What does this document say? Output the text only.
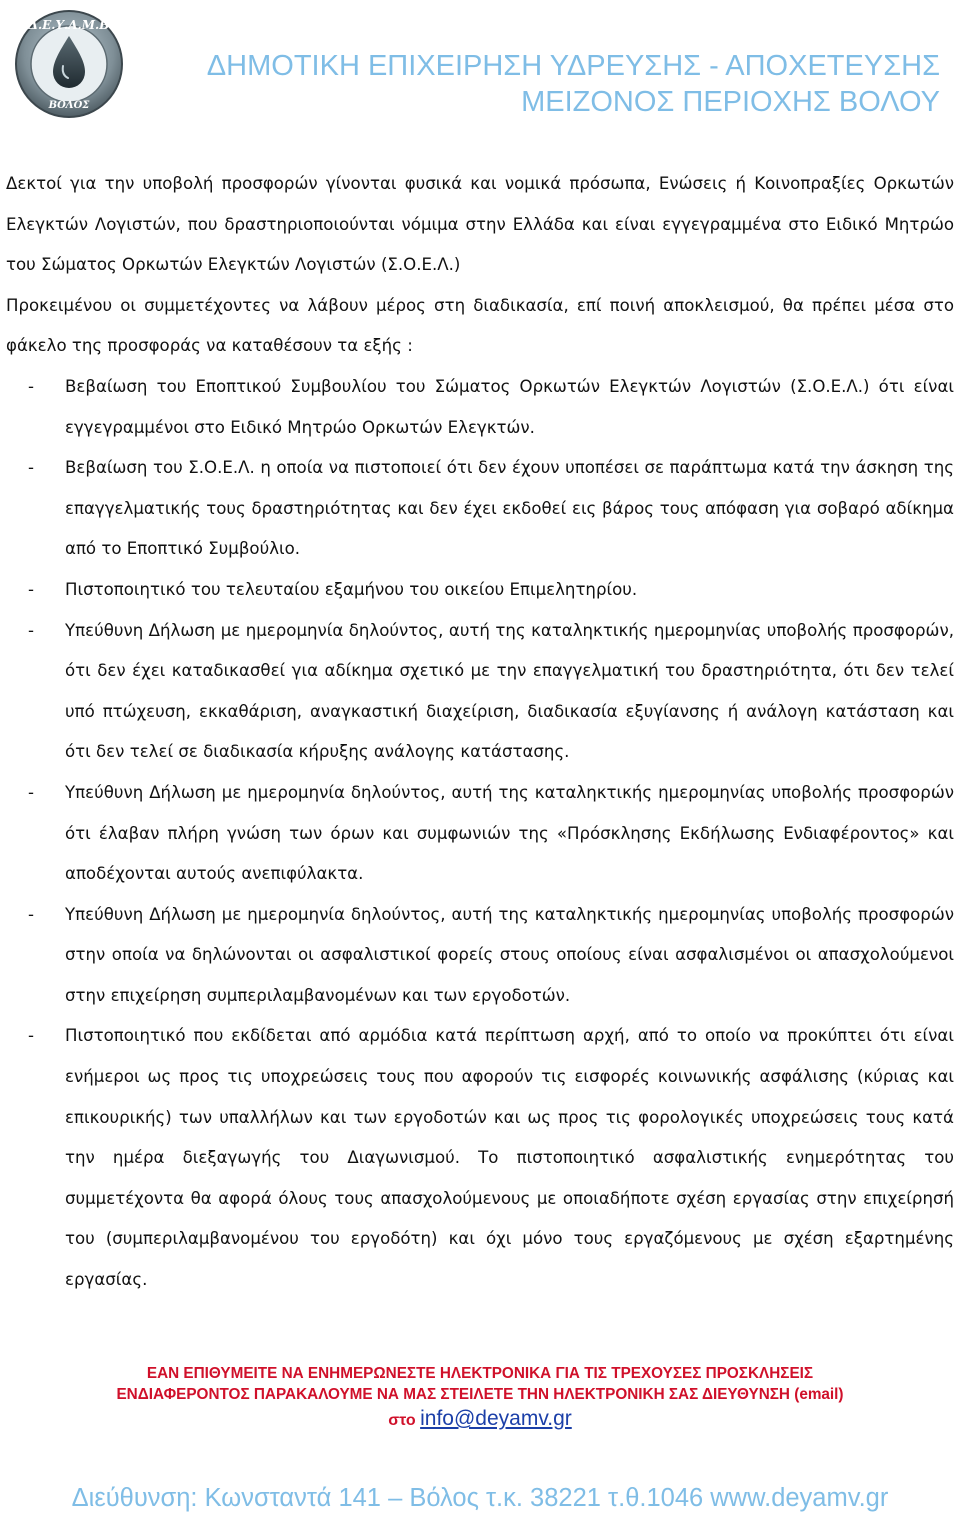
Δ.Ε.Υ.Α.Μ.Β
ΒΟΛΟΣ
ΔΗΜΟΤΙΚΗ ΕΠΙΧΕΙΡΗΣΗ ΥΔΡΕΥΣΗΣ - ΑΠΟΧΕΤΕΥΣΗΣ
ΜΕΙΖΟΝΟΣ ΠΕΡΙΟΧΗΣ ΒΟΛΟΥ

Δεκτοί για την υποβολή προσφορών γίνονται φυσικά και νομικά πρόσωπα, Ενώσεις ή Κοινοπραξίες Ορκωτών Ελεγκτών Λογιστών, που δραστηριοποιούνται νόμιμα στην Ελλάδα και είναι εγγεγραμμένα στο Ειδικό Μητρώο του Σώματος Ορκωτών Ελεγκτών Λογιστών (Σ.Ο.Ε.Λ.)

Προκειμένου οι συμμετέχοντες να λάβουν μέρος στη διαδικασία, επί ποινή αποκλεισμού, θα πρέπει μέσα στο φάκελο της προσφοράς να καταθέσουν τα εξής :

- Βεβαίωση του Εποπτικού Συμβουλίου του Σώματος Ορκωτών Ελεγκτών Λογιστών (Σ.Ο.Ε.Λ.) ότι είναι εγγεγραμμένοι στο Ειδικό Μητρώο Ορκωτών Ελεγκτών.
- Βεβαίωση του Σ.Ο.Ε.Λ. η οποία να πιστοποιεί ότι δεν έχουν υποπέσει σε παράπτωμα κατά την άσκηση της επαγγελματικής τους δραστηριότητας και δεν έχει εκδοθεί εις βάρος τους απόφαση για σοβαρό αδίκημα από το Εποπτικό Συμβούλιο.
- Πιστοποιητικό του τελευταίου εξαμήνου του οικείου Επιμελητηρίου.
- Υπεύθυνη Δήλωση με ημερομηνία δηλούντος, αυτή της καταληκτικής ημερομηνίας υποβολής προσφορών, ότι δεν έχει καταδικασθεί για αδίκημα σχετικό με την επαγγελματική του δραστηριότητα, ότι δεν τελεί υπό πτώχευση, εκκαθάριση, αναγκαστική διαχείριση, διαδικασία εξυγίανσης ή ανάλογη κατάσταση και ότι δεν τελεί σε διαδικασία κήρυξης ανάλογης κατάστασης.
- Υπεύθυνη Δήλωση με ημερομηνία δηλούντος, αυτή της καταληκτικής ημερομηνίας υποβολής προσφορών ότι έλαβαν πλήρη γνώση των όρων και συμφωνιών της «Πρόσκλησης Εκδήλωσης Ενδιαφέροντος» και αποδέχονται αυτούς ανεπιφύλακτα.
- Υπεύθυνη Δήλωση με ημερομηνία δηλούντος, αυτή της καταληκτικής ημερομηνίας υποβολής προσφορών στην οποία να δηλώνονται οι ασφαλιστικοί φορείς στους οποίους είναι ασφαλισμένοι οι απασχολούμενοι στην επιχείρηση συμπεριλαμβανομένων και των εργοδοτών.
- Πιστοποιητικό που εκδίδεται από αρμόδια κατά περίπτωση αρχή, από το οποίο να προκύπτει ότι είναι ενήμεροι ως προς τις υποχρεώσεις τους που αφορούν τις εισφορές κοινωνικής ασφάλισης (κύριας και επικουρικής) των υπαλλήλων και των εργοδοτών και ως προς τις φορολογικές υποχρεώσεις τους κατά την ημέρα διεξαγωγής του Διαγωνισμού. Το πιστοποιητικό ασφαλιστικής ενημερότητας του συμμετέχοντα θα αφορά όλους τους απασχολούμενους με οποιαδήποτε σχέση εργασίας στην επιχείρησή του (συμπεριλαμβανομένου του εργοδότη) και όχι μόνο τους εργαζόμενους με σχέση εξαρτημένης εργασίας.
ΕΑΝ ΕΠΙΘΥΜΕΙΤΕ ΝΑ ΕΝΗΜΕΡΩΝΕΣΤΕ ΗΛΕΚΤΡΟΝΙΚΑ ΓΙΑ ΤΙΣ ΤΡΕΧΟΥΣΕΣ ΠΡΟΣΚΛΗΣΕΙΣ
ΕΝΔΙΑΦΕΡΟΝΤΟΣ ΠΑΡΑΚΑΛΟΥΜΕ ΝΑ ΜΑΣ ΣΤΕΙΛΕΤΕ ΤΗΝ ΗΛΕΚΤΡΟΝΙΚΗ ΣΑΣ ΔΙΕΥΘΥΝΣΗ (email)
στο info@deyamv.gr
Διεύθυνση: Κωνσταντά 141 – Βόλος τ.κ. 38221 τ.θ.1046 www.deyamv.gr
